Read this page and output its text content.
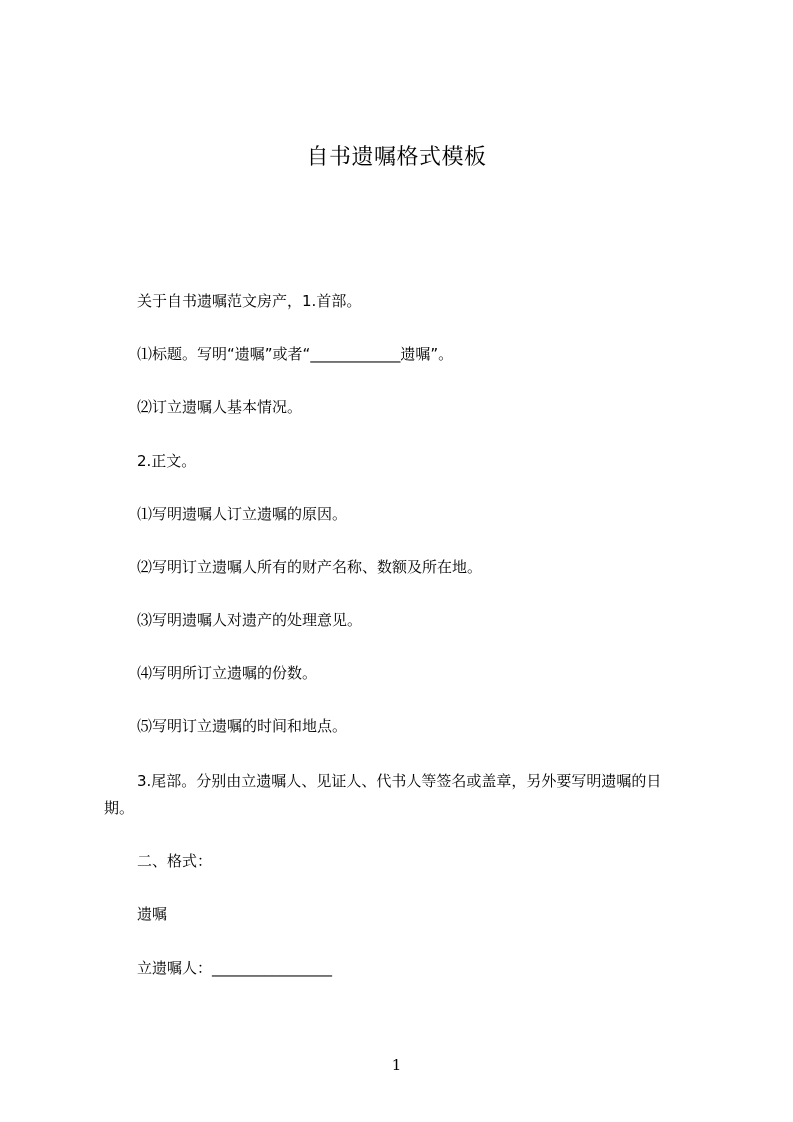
自书遗嘱格式模板
关于自书遗嘱范文房产，1.首部。
⑴标题。写明“遗嘱”或者“____________遗嘱”。
⑵订立遗嘱人基本情况。
2.正文。
⑴写明遗嘱人订立遗嘱的原因。
⑵写明订立遗嘱人所有的财产名称、数额及所在地。
⑶写明遗嘱人对遗产的处理意见。
⑷写明所订立遗嘱的份数。
⑸写明订立遗嘱的时间和地点。
3.尾部。分别由立遗嘱人、见证人、代书人等签名或盖章，另外要写明遗嘱的日
期。
二、格式：
遗嘱
立遗嘱人：________________
1
